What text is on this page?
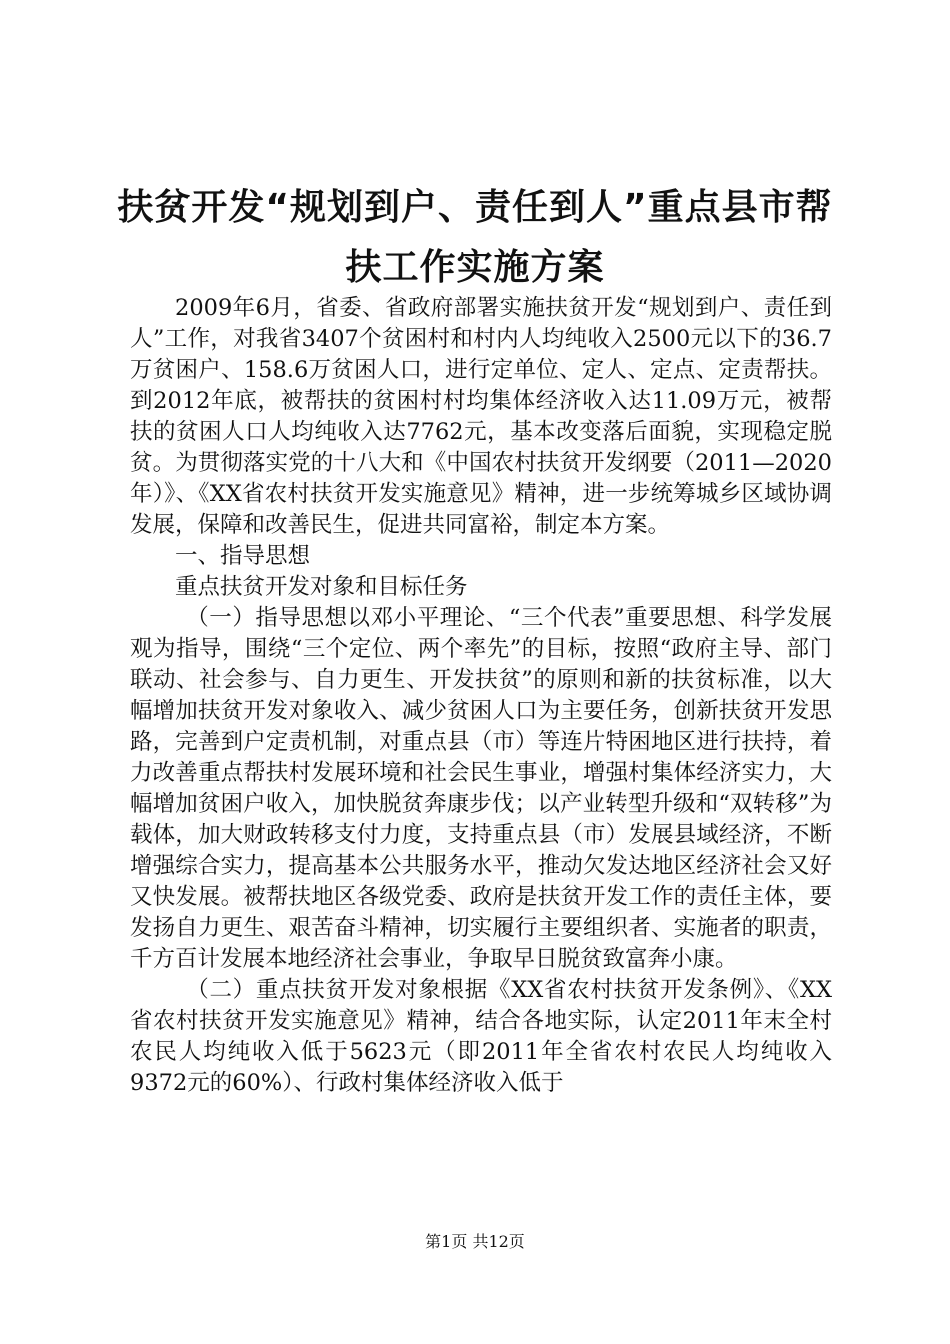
扶贫开发“规划到户、责任到人”重点县市帮
扶工作实施方案

2009年6月，省委、省政府部署实施扶贫开发“规划到户、责任到人”工作，对我省3407个贫困村和村内人均纯收入2500元以下的36.7万贫困户、158.6万贫困人口，进行定单位、定人、定点、定责帮扶。到2012年底，被帮扶的贫困村村均集体经济收入达11.09万元，被帮扶的贫困人口人均纯收入达7762元，基本改变落后面貌，实现稳定脱贫。为贯彻落实党的十八大和《中国农村扶贫开发纲要（2011—2020年）》、《XX省农村扶贫开发实施意见》精神，进一步统筹城乡区域协调发展，保障和改善民生，促进共同富裕，制定本方案。

一、指导思想

重点扶贫开发对象和目标任务

（一）指导思想以邓小平理论、“三个代表”重要思想、科学发展观为指导，围绕“三个定位、两个率先”的目标，按照“政府主导、部门联动、社会参与、自力更生、开发扶贫”的原则和新的扶贫标准，以大幅增加扶贫开发对象收入、减少贫困人口为主要任务，创新扶贫开发思路，完善到户定责机制，对重点县（市）等连片特困地区进行扶持，着力改善重点帮扶村发展环境和社会民生事业，增强村集体经济实力，大幅增加贫困户收入，加快脱贫奔康步伐；以产业转型升级和“双转移”为载体，加大财政转移支付力度，支持重点县（市）发展县域经济，不断增强综合实力，提高基本公共服务水平，推动欠发达地区经济社会又好又快发展。被帮扶地区各级党委、政府是扶贫开发工作的责任主体，要发扬自力更生、艰苦奋斗精神，切实履行主要组织者、实施者的职责，千方百计发展本地经济社会事业，争取早日脱贫致富奔小康。

（二）重点扶贫开发对象根据《XX省农村扶贫开发条例》、《XX省农村扶贫开发实施意见》精神，结合各地实际，认定2011年末全村农民人均纯收入低于5623元（即2011年全省农村农民人均纯收入9372元的60%）、行政村集体经济收入低于

第1页 共12页
